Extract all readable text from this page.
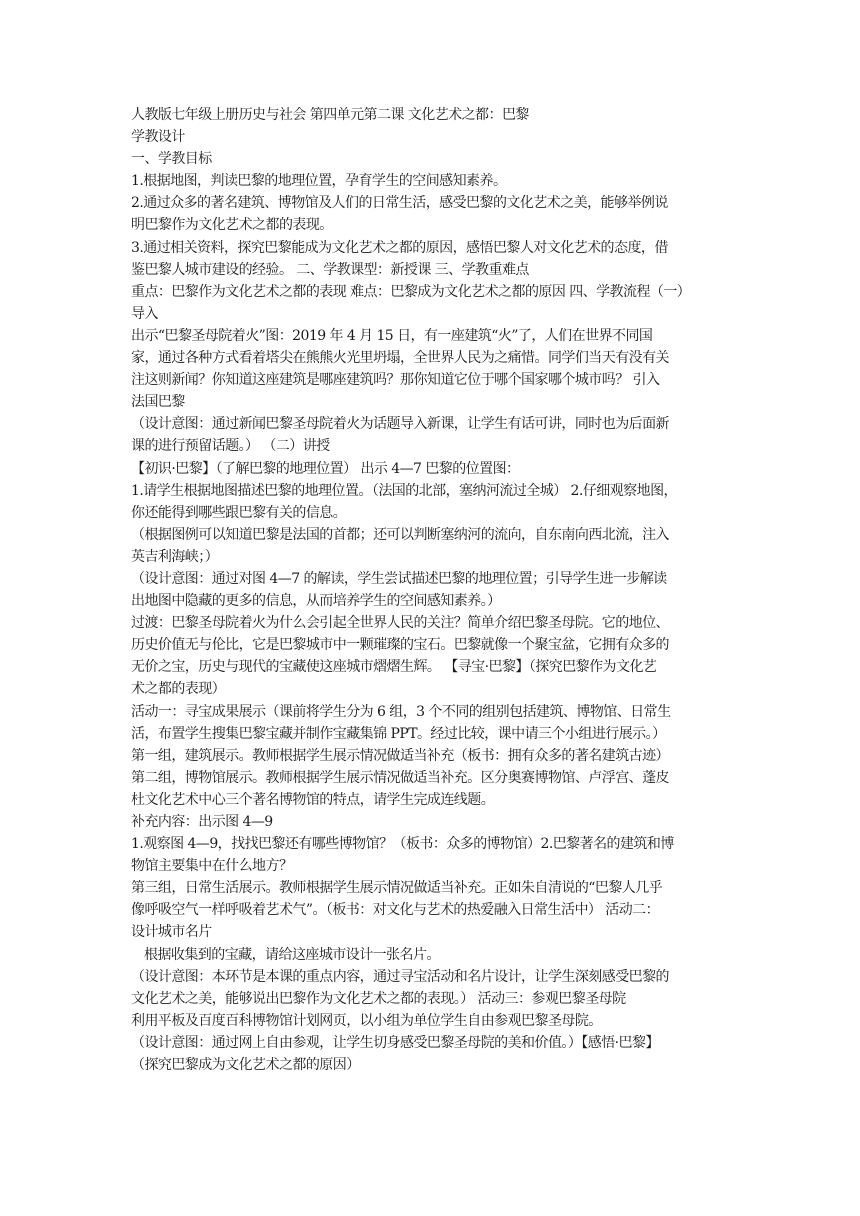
人教版七年级上册历史与社会 第四单元第二课 文化艺术之都：巴黎
学教设计
一、学教目标
1.根据地图，判读巴黎的地理位置，孕育学生的空间感知素养。
2.通过众多的著名建筑、博物馆及人们的日常生活，感受巴黎的文化艺术之美，能够举例说
明巴黎作为文化艺术之都的表现。
3.通过相关资料，探究巴黎能成为文化艺术之都的原因，感悟巴黎人对文化艺术的态度，借
鉴巴黎人城市建设的经验。 二、学教课型：新授课 三、学教重难点
重点：巴黎作为文化艺术之都的表现 难点：巴黎成为文化艺术之都的原因 四、学教流程（一）
导入
出示“巴黎圣母院着火”图：2019 年 4 月 15 日，有一座建筑“火”了，人们在世界不同国
家，通过各种方式看着塔尖在熊熊火光里坍塌，全世界人民为之痛惜。同学们当天有没有关
注这则新闻？你知道这座建筑是哪座建筑吗？那你知道它位于哪个国家哪个城市吗？ 引入
法国巴黎
（设计意图：通过新闻巴黎圣母院着火为话题导入新课，让学生有话可讲，同时也为后面新
课的进行预留话题。） （二）讲授
【初识·巴黎】（了解巴黎的地理位置） 出示 4—7 巴黎的位置图：
1.请学生根据地图描述巴黎的地理位置。（法国的北部，塞纳河流过全城） 2.仔细观察地图，
你还能得到哪些跟巴黎有关的信息。
（根据图例可以知道巴黎是法国的首都；还可以判断塞纳河的流向，自东南向西北流，注入
英吉利海峡；）
（设计意图：通过对图 4—7 的解读，学生尝试描述巴黎的地理位置；引导学生进一步解读
出地图中隐藏的更多的信息，从而培养学生的空间感知素养。）
过渡：巴黎圣母院着火为什么会引起全世界人民的关注？简单介绍巴黎圣母院。它的地位、
历史价值无与伦比，它是巴黎城市中一颗璀璨的宝石。巴黎就像一个聚宝盆，它拥有众多的
无价之宝，历史与现代的宝藏使这座城市熠熠生辉。 【寻宝·巴黎】（探究巴黎作为文化艺
术之都的表现）
活动一：寻宝成果展示（课前将学生分为 6 组，3 个不同的组别包括建筑、博物馆、日常生
活，布置学生搜集巴黎宝藏并制作宝藏集锦 PPT。经过比较，课中请三个小组进行展示。）
第一组，建筑展示。教师根据学生展示情况做适当补充（板书：拥有众多的著名建筑古迹）
第二组，博物馆展示。教师根据学生展示情况做适当补充。区分奥赛博物馆、卢浮宫、蓬皮
杜文化艺术中心三个著名博物馆的特点，请学生完成连线题。
补充内容：出示图 4—9
1.观察图 4—9，找找巴黎还有哪些博物馆？（板书：众多的博物馆）2.巴黎著名的建筑和博
物馆主要集中在什么地方？
第三组，日常生活展示。教师根据学生展示情况做适当补充。正如朱自清说的“巴黎人几乎
像呼吸空气一样呼吸着艺术气”。（板书：对文化与艺术的热爱融入日常生活中） 活动二：
设计城市名片
根据收集到的宝藏，请给这座城市设计一张名片。
（设计意图：本环节是本课的重点内容，通过寻宝活动和名片设计，让学生深刻感受巴黎的
文化艺术之美，能够说出巴黎作为文化艺术之都的表现。） 活动三：参观巴黎圣母院
利用平板及百度百科博物馆计划网页，以小组为单位学生自由参观巴黎圣母院。
（设计意图：通过网上自由参观，让学生切身感受巴黎圣母院的美和价值。）【感悟·巴黎】
（探究巴黎成为文化艺术之都的原因）
